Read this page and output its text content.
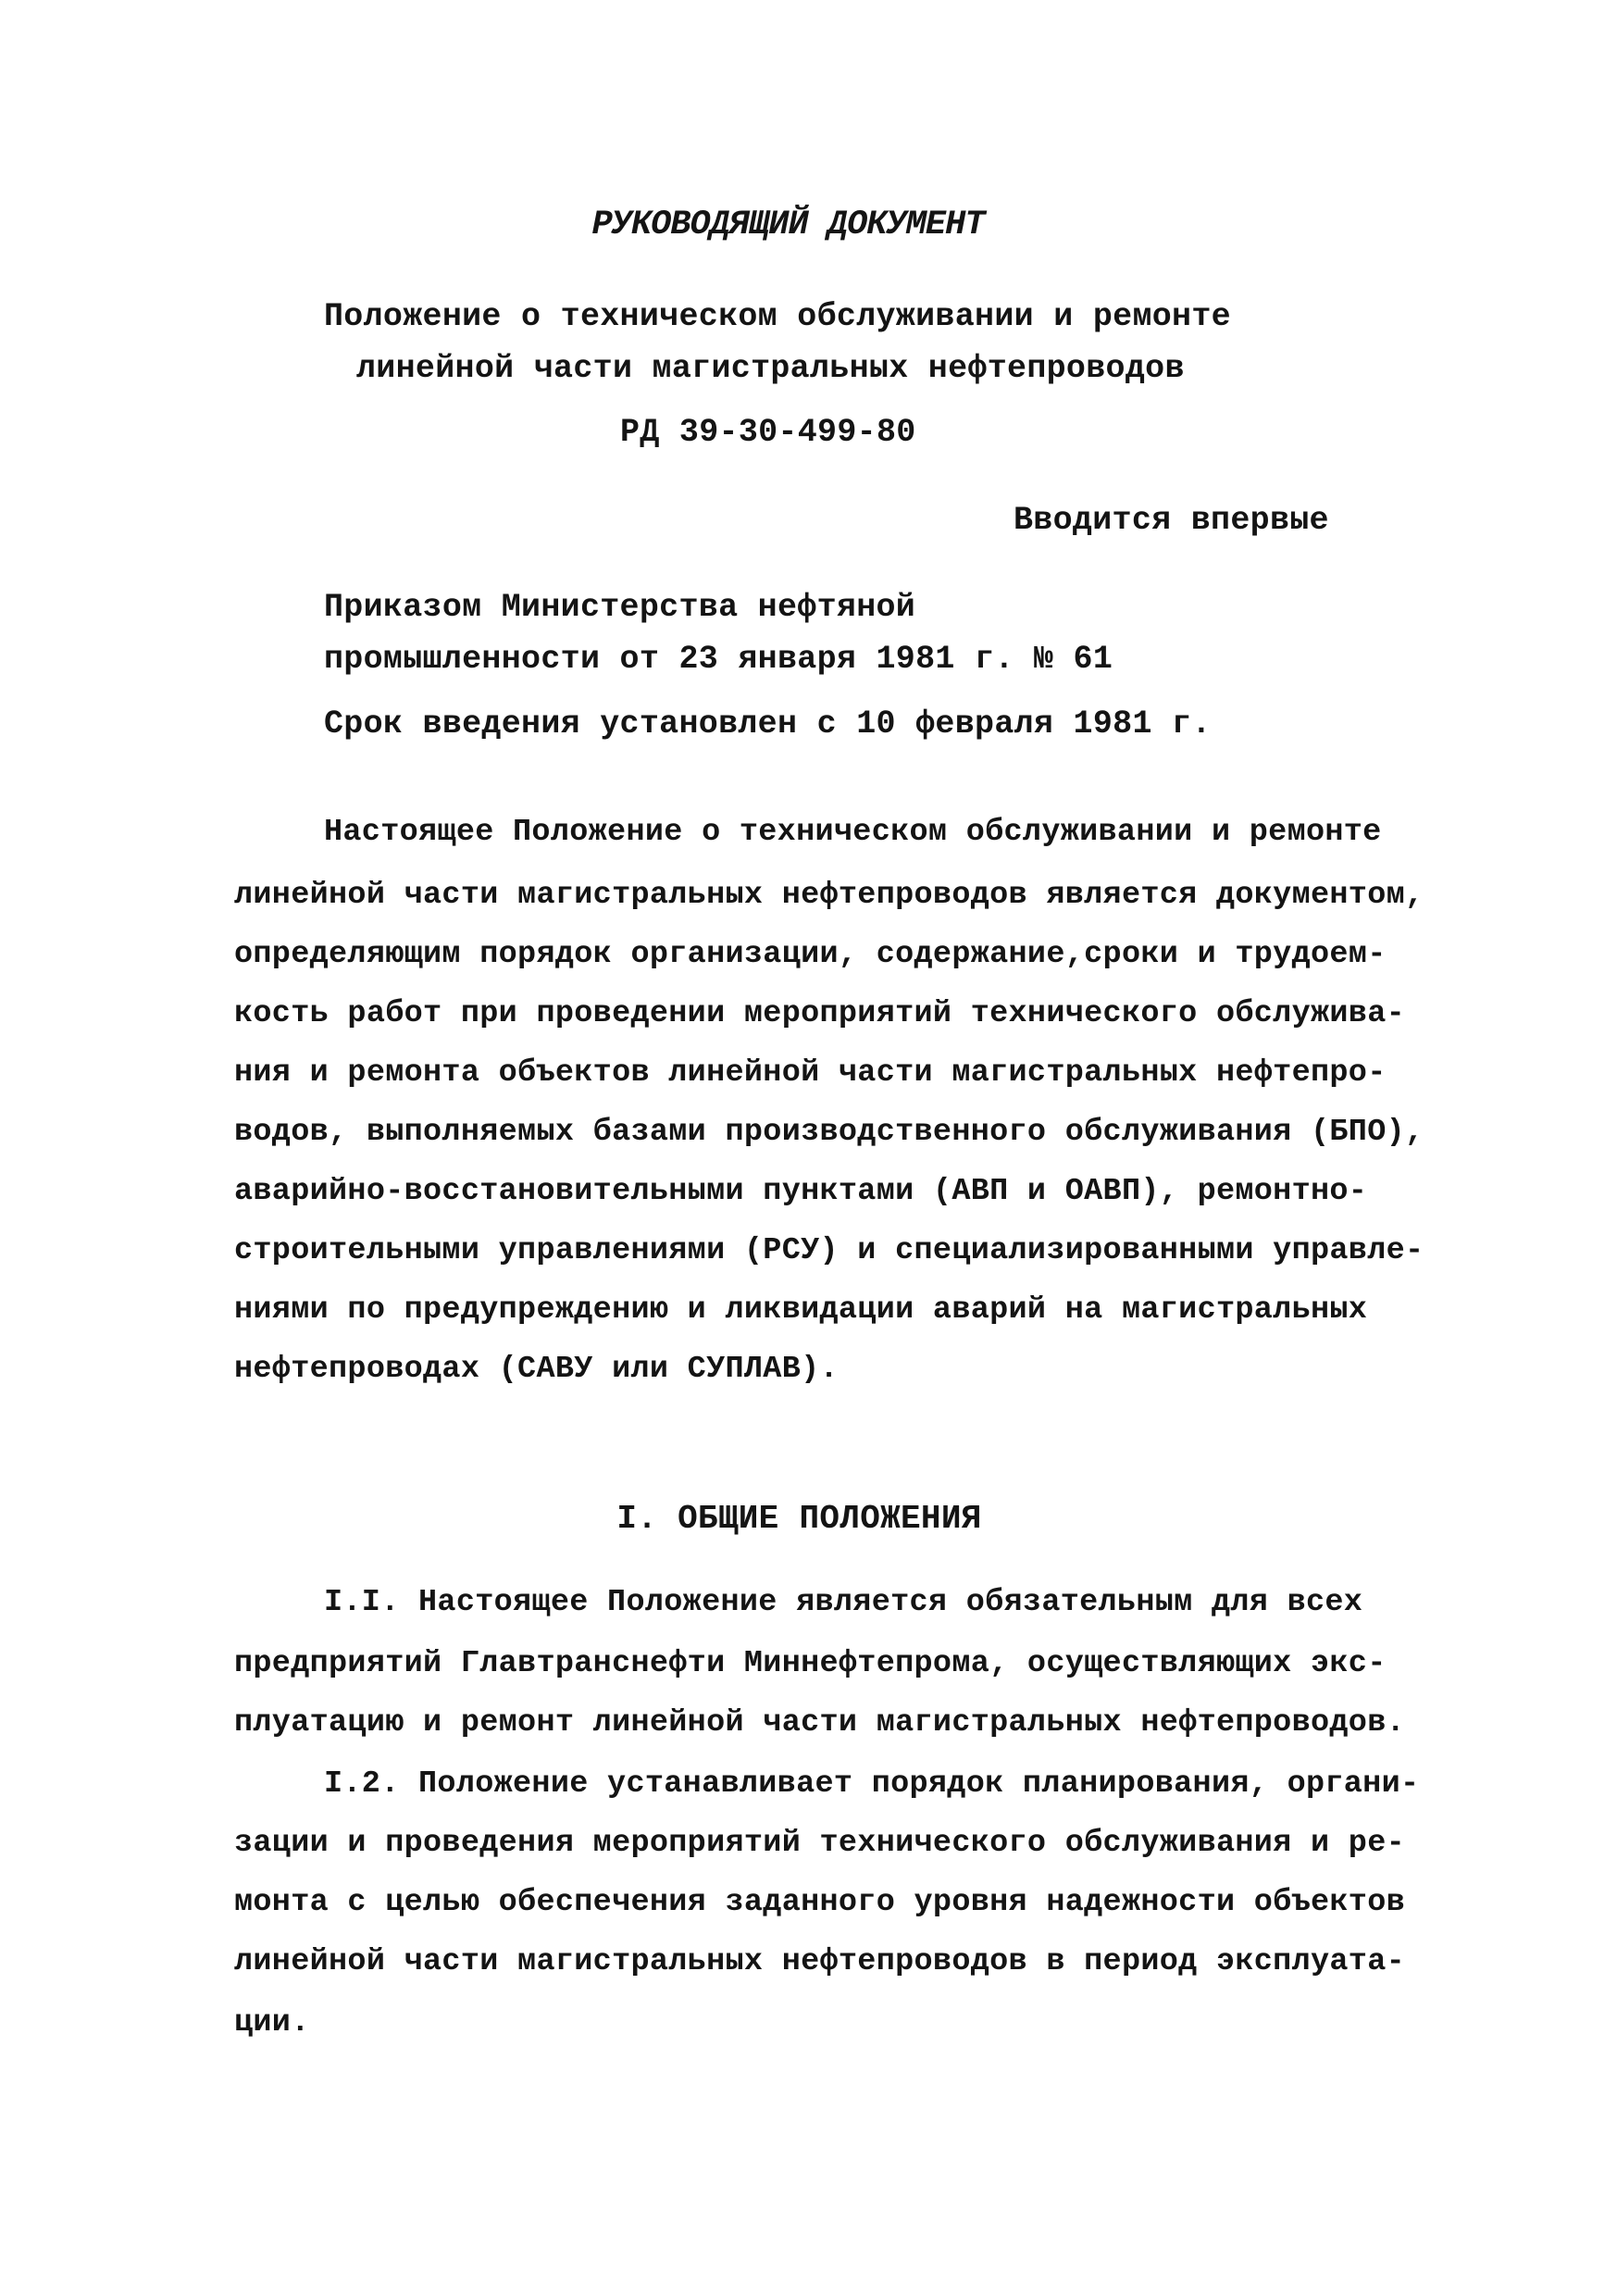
РУКОВОДЯЩИЙ ДОКУМЕНТ
Положение о техническом обслуживании и ремонте
линейной части магистральных нефтепроводов
РД 39-30-499-80
Вводится впервые
Приказом Министерства нефтяной
промышленности от 23 января 1981 г. № 61
Срок введения установлен с 10 февраля 1981 г.
Настоящее Положение о техническом обслуживании и ремонте
линейной части магистральных нефтепроводов является документом,
определяющим порядок организации, содержание,сроки и трудоем-
кость работ при проведении мероприятий технического обслужива-
ния и ремонта объектов линейной части магистральных нефтепро-
водов, выполняемых базами производственного обслуживания (БПО),
аварийно-восстановительными пунктами (АВП и ОАВП), ремонтно-
строительными управлениями (РСУ) и специализированными управле-
ниями по предупреждению и ликвидации аварий на магистральных
нефтепроводах (САВУ или СУПЛАВ).
I. ОБЩИЕ ПОЛОЖЕНИЯ
I.I. Настоящее Положение является обязательным для всех
предприятий Главтранснефти Миннефтепрома, осуществляющих экс-
плуатацию и ремонт линейной части магистральных нефтепроводов.
I.2. Положение устанавливает порядок планирования, органи-
зации и проведения мероприятий технического обслуживания и ре-
монта с целью обеспечения заданного уровня надежности объектов
линейной части магистральных нефтепроводов в период эксплуата-
ции.
